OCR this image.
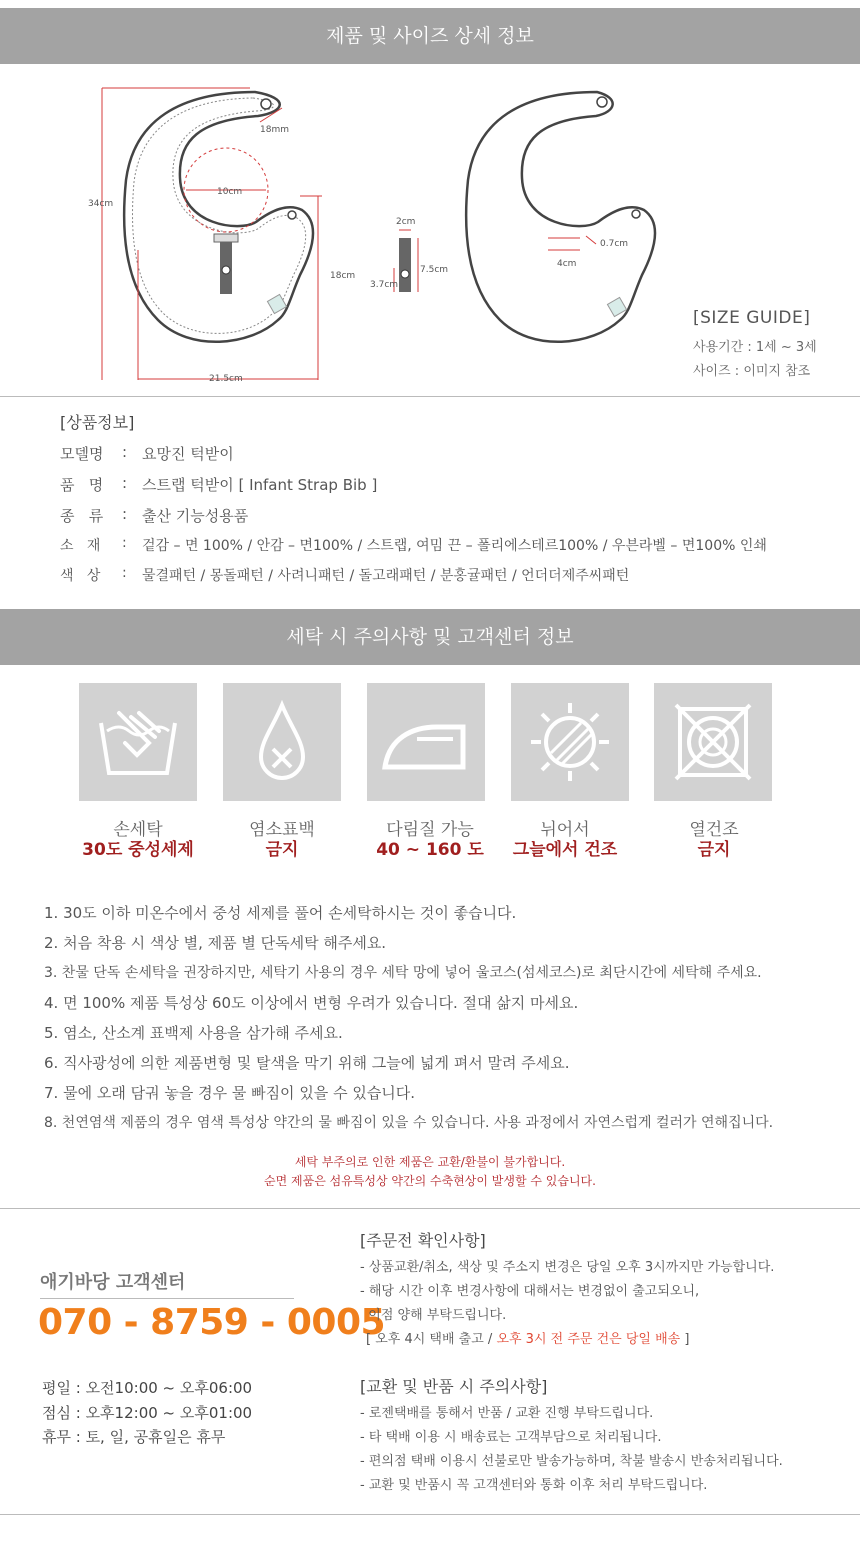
제품 및 사이즈 상세 정보
34cm
10cm
18mm
18cm
21.5cm
2cm
7.5cm
3.7cm
0.7cm
4cm
[SIZE GUIDE]
사용기간 : 1세 ~ 3세
사이즈 : 이미지 참조
[상품정보]
모델명	: 요망진 턱받이
품   명	: 스트랩 턱받이 [ Infant Strap Bib ]
종   류	: 출산 기능성용품
소   재	:	겉감 – 면 100% / 안감 – 면100% / 스트랩, 여밈 끈 – 폴리에스테르100% / 우븐라벨 – 면100% 인쇄
색   상	:	물결패턴 / 몽돌패턴 / 사려니패턴 / 돌고래패턴 / 분홍귤패턴 / 언더더제주씨패턴
세탁 시 주의사항 및 고객센터 정보
손세탁
30도 중성세제
염소표백
금지
다림질 가능
40 ~ 160 도
뉘어서
그늘에서 건조
열건조
금지
1. 30도 이하 미온수에서 중성 세제를 풀어 손세탁하시는 것이 좋습니다.
2. 처음 착용 시 색상 별, 제품 별 단독세탁 해주세요.
3. 찬물 단독 손세탁을 권장하지만, 세탁기 사용의 경우 세탁 망에 넣어 울코스(섬세코스)로 최단시간에 세탁해 주세요.
4. 면 100% 제품 특성상 60도 이상에서 변형 우려가 있습니다. 절대 삶지 마세요.
5. 염소, 산소계 표백제 사용을 삼가해 주세요.
6. 직사광성에 의한 제품변형 및 탈색을 막기 위해 그늘에 넓게 펴서 말려 주세요.
7. 물에 오래 담궈 놓을 경우 물 빠짐이 있을 수 있습니다.
8. 천연염색 제품의 경우 염색 특성상 약간의 물 빠짐이 있을 수 있습니다. 사용 과정에서 자연스럽게 컬러가 연해집니다.
세탁 부주의로 인한 제품은 교환/환불이 불가합니다.
순면 제품은 섬유특성상 약간의 수축현상이 발생할 수 있습니다.
애기바당 고객센터
070 - 8759 - 0005
평일 : 오전10:00 ~ 오후06:00
점심 : 오후12:00 ~ 오후01:00
휴무 : 토, 일, 공휴일은 휴무
[주문전 확인사항]
- 상품교환/취소, 색상 및 주소지 변경은 당일 오후 3시까지만 가능합니다.
- 해당 시간 이후 변경사항에 대해서는 변경없이 출고되오니,
이점 양해 부탁드립니다.
[ 오후 4시 택배 출고 / 오후 3시 전 주문 건은 당일 배송 ]
[교환 및 반품 시 주의사항]
- 로젠택배를 통해서 반품 / 교환 진행 부탁드립니다.
- 타 택배 이용 시 배송료는 고객부담으로 처리됩니다.
- 편의점 택배 이용시 선불로만 발송가능하며, 착불 발송시 반송처리됩니다.
- 교환 및 반품시 꼭 고객센터와 통화 이후 처리 부탁드립니다.
